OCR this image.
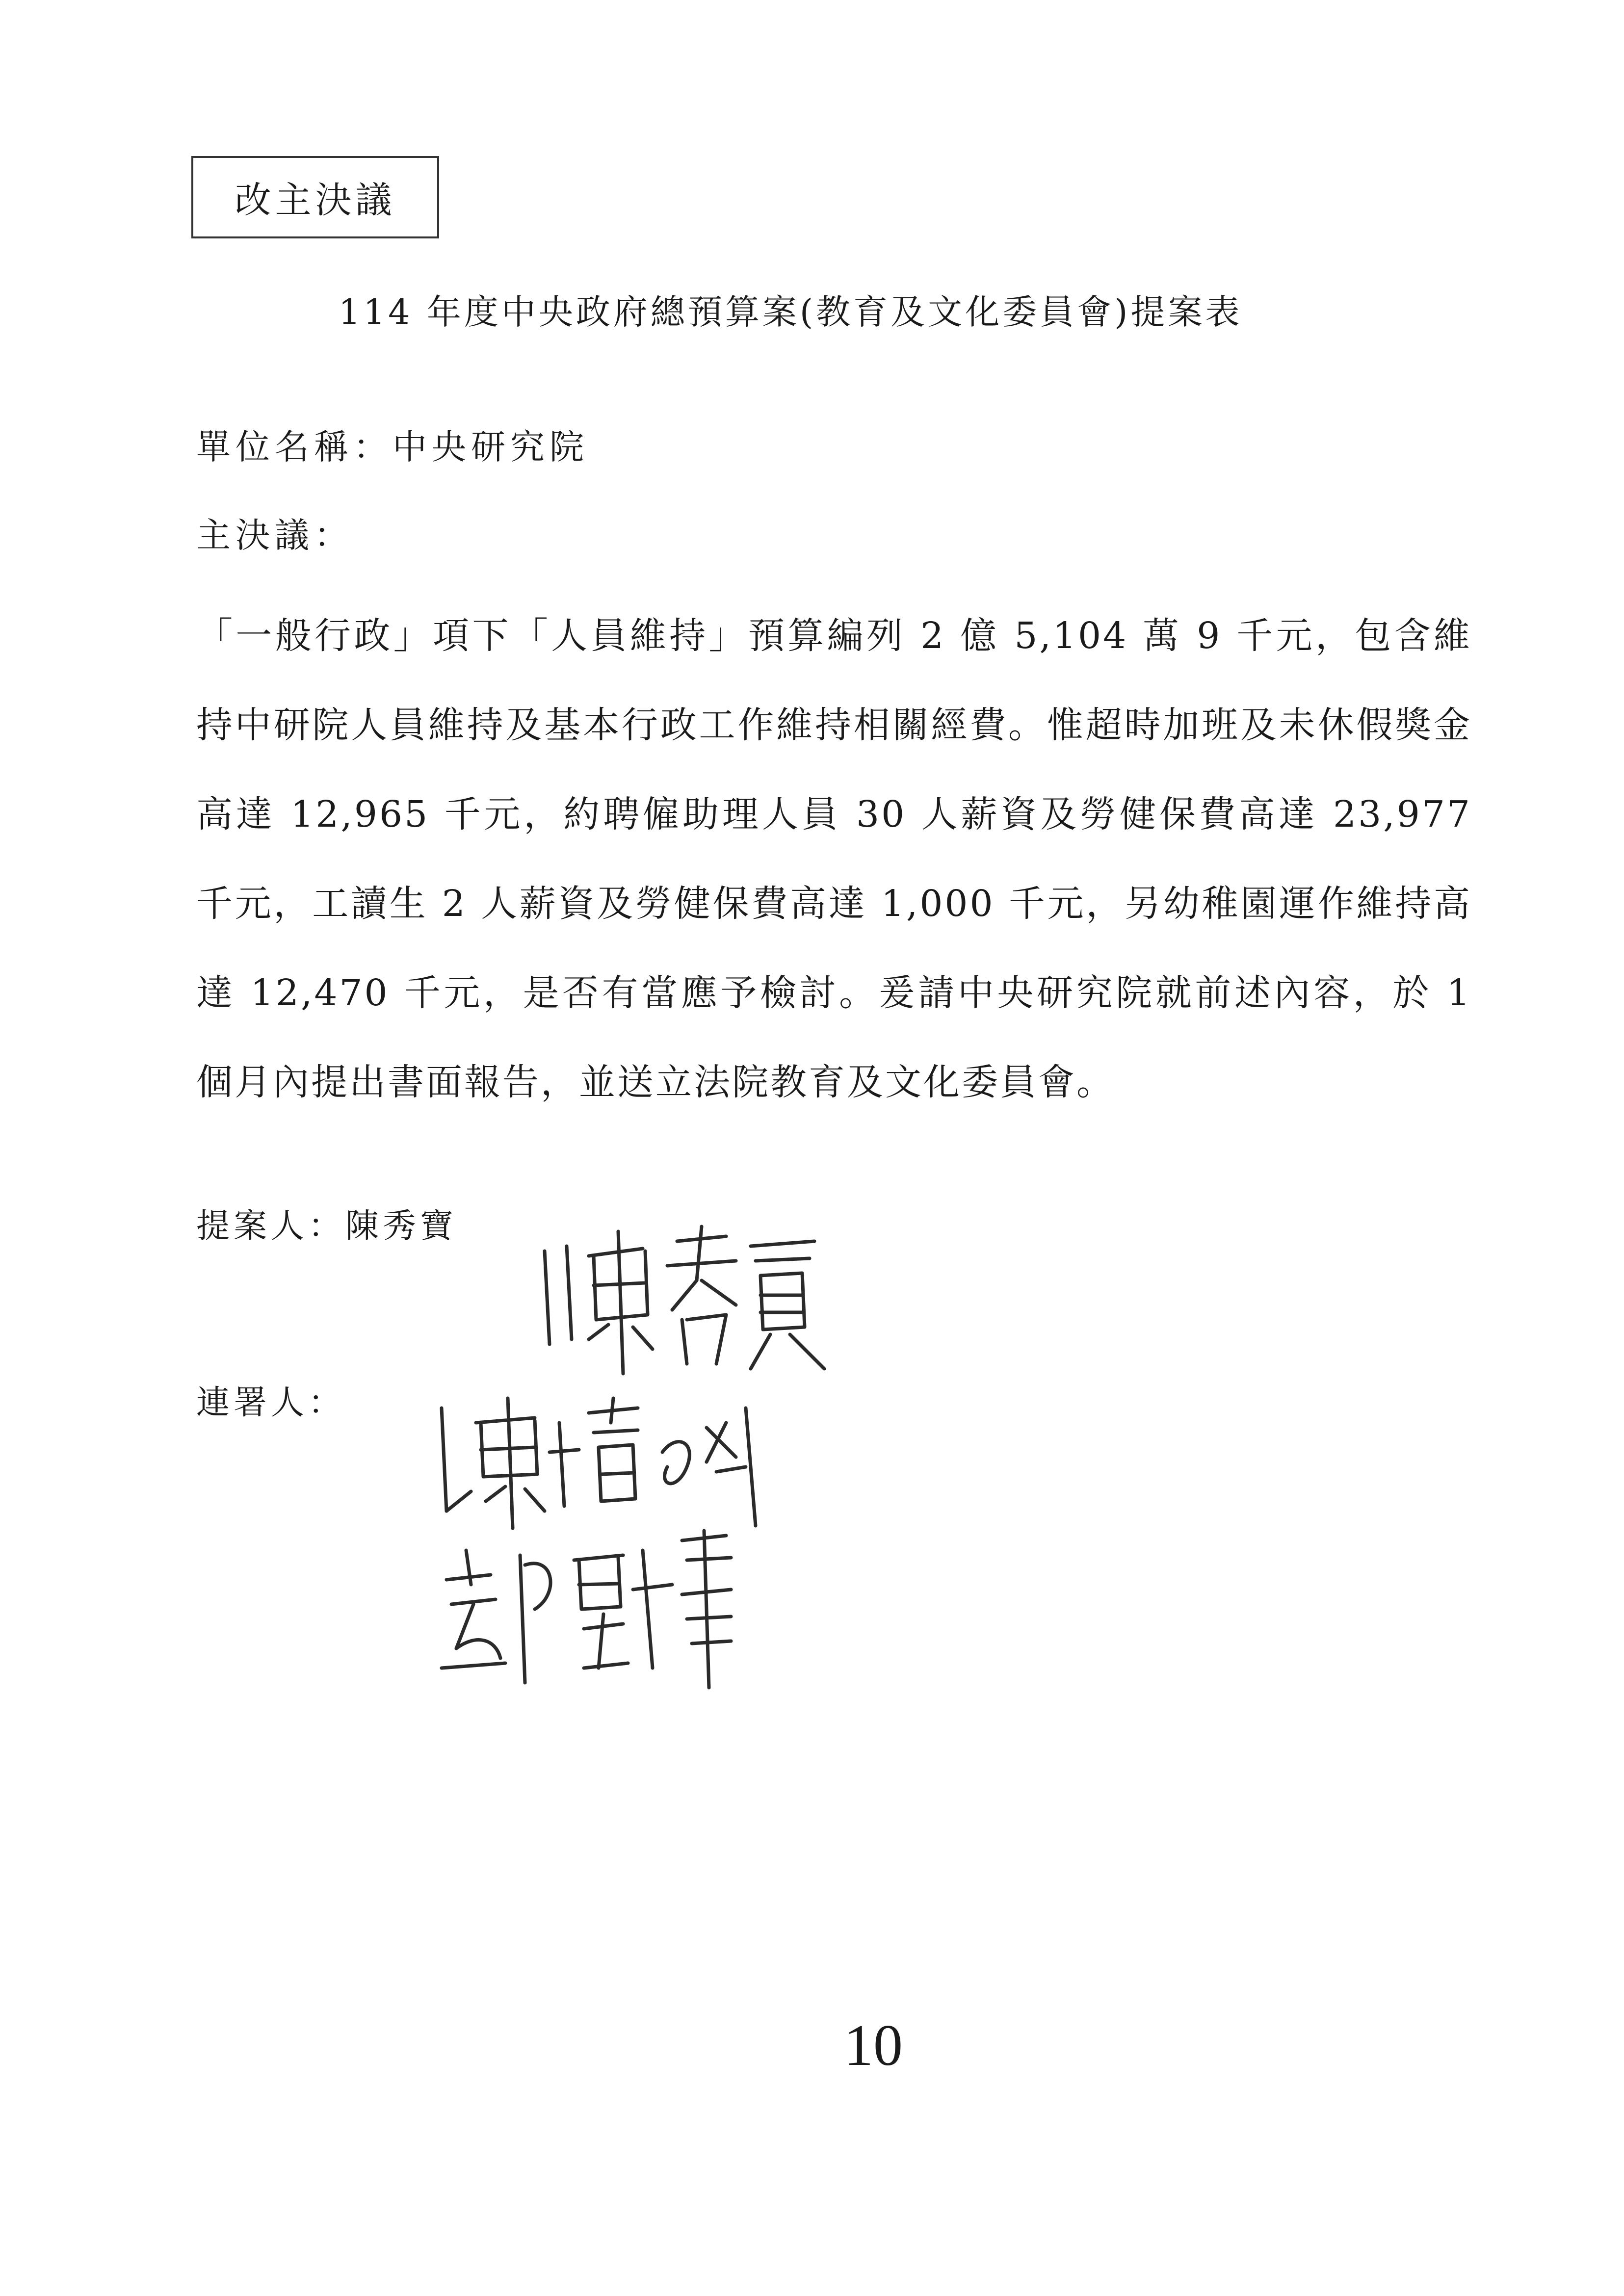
改主決議
114 年度中央政府總預算案(教育及文化委員會)提案表
單位名稱：中央研究院
主決議：

「一般行政」項下「人員維持」預算編列 2 億 5,104 萬 9 千元，包含維持中研院人員維持及基本行政工作維持相關經費。惟超時加班及未休假獎金高達 12,965 千元，約聘僱助理人員 30 人薪資及勞健保費高達 23,977 千元，工讀生 2 人薪資及勞健保費高達 1,000 千元，另幼稚園運作維持高達 12,470 千元，是否有當應予檢討。爰請中央研究院就前述內容，於 1 個月內提出書面報告，並送立法院教育及文化委員會。

提案人：陳秀寶
連署人：
10
